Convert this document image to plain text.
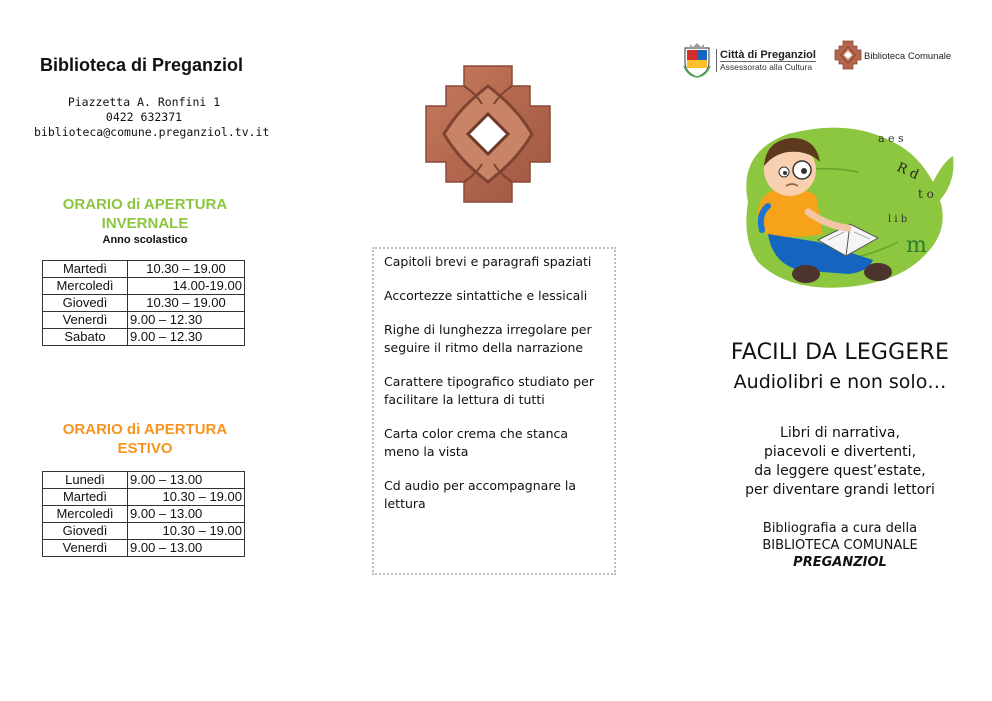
Biblioteca di Preganziol
Piazzetta A. Ronfini 1
0422 632371
biblioteca@comune.preganziol.tv.it
ORARIO di APERTURA
INVERNALE
Anno scolastico
Martedì	10.30 – 19.00
Mercoledì	14.00-19.00
Giovedì	10.30 – 19.00
Venerdì	9.00 – 12.30
Sabato	9.00 – 12.30
ORARIO di APERTURA
ESTIVO
Lunedì	9.00 – 13.00
Martedì	10.30 – 19.00
Mercoledì	9.00 – 13.00
Giovedì	10.30 – 19.00
Venerdì	9.00 – 13.00

Capitoli brevi e paragrafi spaziati

Accortezze sintattiche e lessicali

Righe di lunghezza irregolare per seguire il ritmo della narrazione

Carattere tipografico studiato per facilitare la lettura di tutti

Carta color crema che stanca meno la vista

Cd audio per accompagnare la lettura

Città di Preganziol
Assessorato alla Cultura
Biblioteca Comunale
a e s
R d
t o
l i b
m
FACILI DA LEGGERE
Audiolibri e non solo…
Libri di narrativa,
piacevoli e divertenti,
da leggere quest’estate,
per diventare grandi lettori
Bibliografia a cura della
BIBLIOTECA COMUNALE
PREGANZIOL
